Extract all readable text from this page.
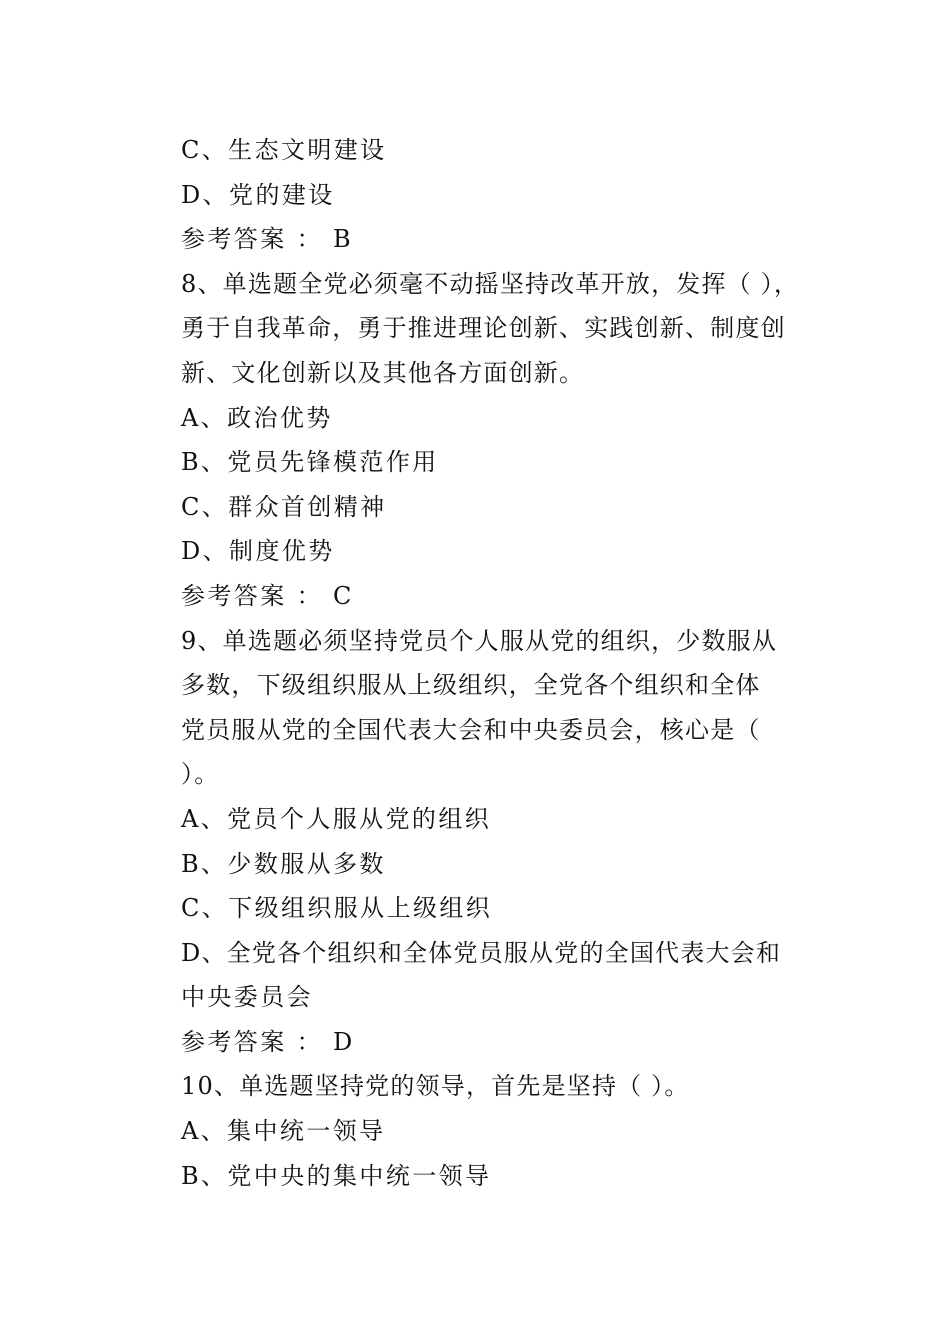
C、生态文明建设
D、党的建设
参考答案 ： B
8、单选题全党必须毫不动摇坚持改革开放，发挥（ ），
勇于自我革命，勇于推进理论创新、实践创新、制度创
新、文化创新以及其他各方面创新。
A、政治优势
B、党员先锋模范作用
C、群众首创精神
D、制度优势
参考答案 ： C
9、单选题必须坚持党员个人服从党的组织，少数服从
多数，下级组织服从上级组织，全党各个组织和全体
党员服从党的全国代表大会和中央委员会，核心是（
）。
A、党员个人服从党的组织
B、少数服从多数
C、下级组织服从上级组织
D、全党各个组织和全体党员服从党的全国代表大会和
中央委员会
参考答案 ： D
10、单选题坚持党的领导，首先是坚持（ ）。
A、集中统一领导
B、党中央的集中统一领导
